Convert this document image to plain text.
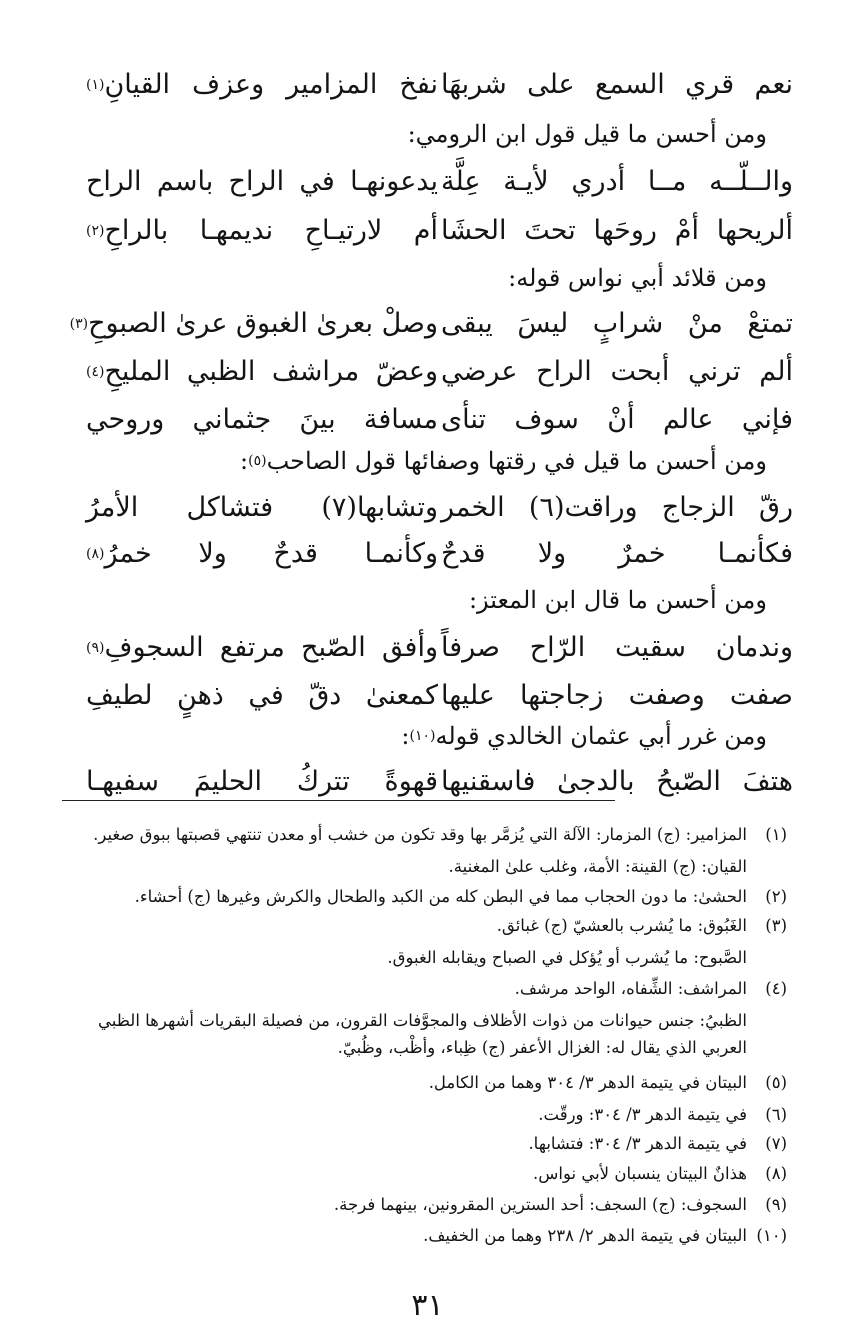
نعم قري السمع على شربهَا
نفخ المزامير وعزف القيانِ$^{(١)}$
ومن أحسن ما قيل قول ابن الرومي:
والــلّــه مــا أدري لأيـة عِلَّة
يدعونهـا في الراح باسم الراح
ألريحها أمْ روحَها تحتَ الحشَا
أم لارتيـاحِ نديمهـا بالراحِ$^{(٢)}$
ومن قلائد أبي نواس قوله:
تمتعْ منْ شرابٍ ليسَ يبقى
وصلْ بعرىٰ الغبوق عرىٰ الصبوحِ$^{(٣)}$
ألم ترني أبحت الراح عرضي
وعضّ مراشف الظبي المليحِ$^{(٤)}$
فإني عالم أنْ سوف تنأى
مسافة بينَ جثماني وروحي
ومن أحسن ما قيل في رقتها وصفائها قول الصاحب$^{(٥)}$:
رقّ الزجاج وراقت(٦) الخمر
وتشابها(٧) فتشاكل الأمرُ
فكأنمـا خمرٌ ولا قدحٌ
وكأنمـا قدحٌ ولا خمرُ$^{(٨)}$
ومن أحسن ما قال ابن المعتز:
وندمان سقيت الرّاح صرفاً
وأفق الصّبح مرتفع السجوفِ$^{(٩)}$
صفت وصفت زجاجتها عليها
كمعنىٰ دقّ في ذهنٍ لطيفِ
ومن غرر أبي عثمان الخالدي قوله$^{(١٠)}$:
هتفَ الصّبحُ بالدجىٰ فاسقنيها
قهوةً تتركُ الحليمَ سفيهـا
(١)المزامير: (ج) المزمار: الآلة التي يُزمَّر بها وقد تكون من خشب أو معدن تنتهي قصبتها ببوق صغير.
القيان: (ج) القينة: الأمة، وغلب علىٰ المغنية.
(٢)الحشىٰ: ما دون الحجاب مما في البطن كله من الكبد والطحال والكرش وغيرها (ج) أحشاء.
(٣)الغَبُوق: ما يُشرب بالعشيّ (ج) غبائق.
الصَّبوح: ما يُشرب أو يُؤكل في الصباح ويقابله الغبوق.
(٤)المراشف: الشِّفاه، الواحد مرشف.
الظبيُ: جنس حيوانات من ذوات الأظلاف والمجوَّفات القرون، من فصيلة البقريات أشهرها الظبي
العربي الذي يقال له: الغزال الأعفر (ج) ظِباء، وأظْب، وظُبيّ.
(٥)البيتان في يتيمة الدهر ٣/ ٣٠٤ وهما من الكامل.
(٦)في يتيمة الدهر ٣/ ٣٠٤: ورقّت.
(٧)في يتيمة الدهر ٣/ ٣٠٤: فتشابها.
(٨)هذانٌ البيتان ينسبان لأبي نواس.
(٩)السجوف: (ج) السجف: أحد السترين المقرونين، بينهما فرجة.
(١٠)البيتان في يتيمة الدهر ٢/ ٢٣٨ وهما من الخفيف.
٣١
